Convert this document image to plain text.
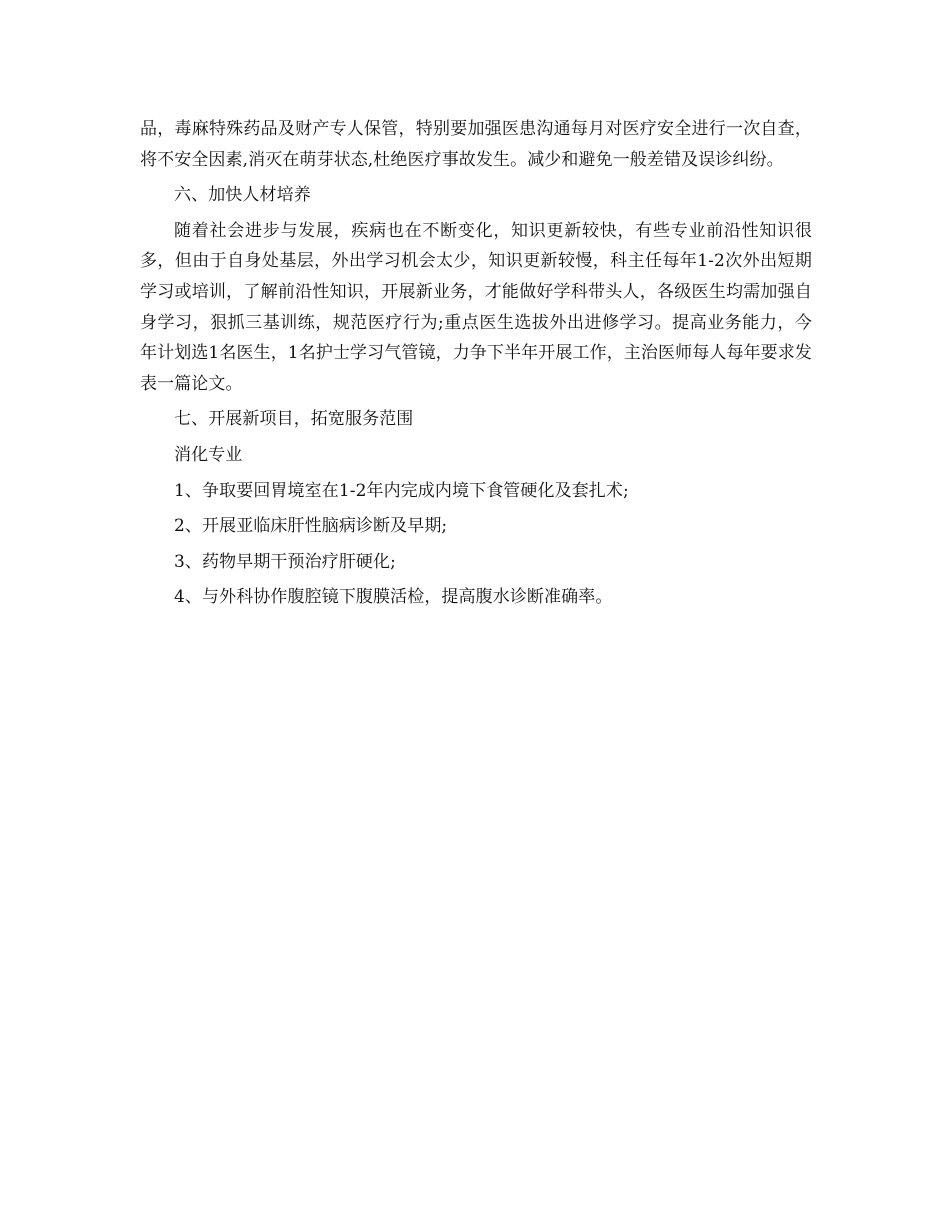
品，毒麻特殊药品及财产专人保管，特别要加强医患沟通每月对医疗安全进行一次自查，将不安全因素,消灭在萌芽状态,杜绝医疗事故发生。减少和避免一般差错及误诊纠纷。

六、加快人材培养

随着社会进步与发展，疾病也在不断变化，知识更新较快，有些专业前沿性知识很多，但由于自身处基层，外出学习机会太少，知识更新较慢，科主任每年1-2次外出短期学习或培训，了解前沿性知识，开展新业务，才能做好学科带头人，各级医生均需加强自身学习，狠抓三基训练，规范医疗行为;重点医生选拔外出进修学习。提高业务能力，今年计划选1名医生，1名护士学习气管镜，力争下半年开展工作，主治医师每人每年要求发表一篇论文。

七、开展新项目，拓宽服务范围

消化专业

1、争取要回胃境室在1-2年内完成内境下食管硬化及套扎术;

2、开展亚临床肝性脑病诊断及早期;

3、药物早期干预治疗肝硬化;

4、与外科协作腹腔镜下腹膜活检，提高腹水诊断准确率。
